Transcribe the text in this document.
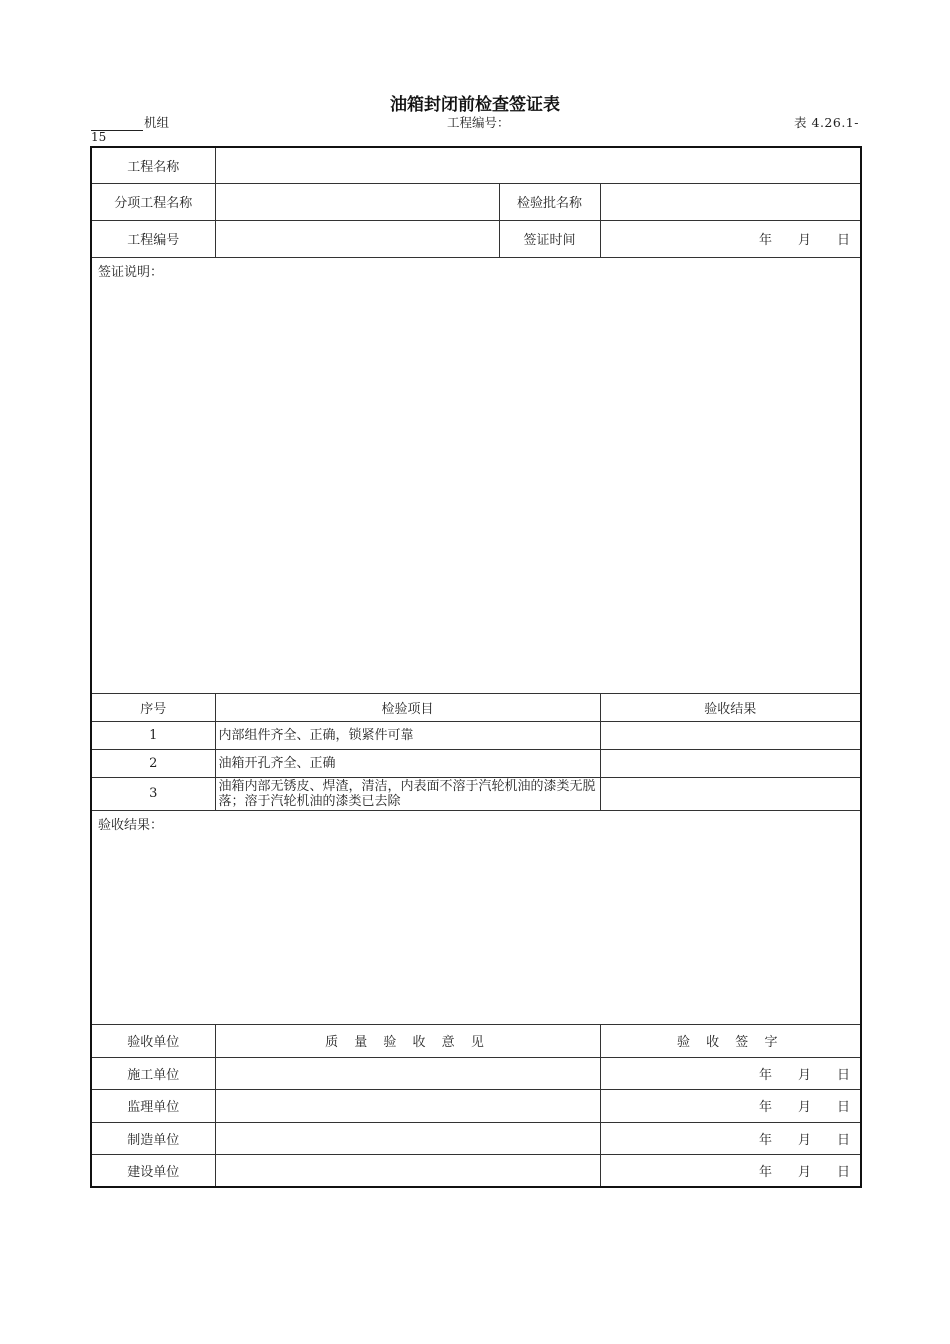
油箱封闭前检查签证表
机组	工程编号：	表 4.26.1-
15
工程名称			
分项工程名称		检验批名称	
工程编号		签证时间	年 月 日
签证说明：			
序号	检验项目		验收结果
1	内部组件齐全、正确，锁紧件可靠		
2	油箱开孔齐全、正确		
3	油箱内部无锈皮、焊渣，清洁，内表面不溶于汽轮机油的漆类无脱落；溶于汽轮机油的漆类已去除		
验收结果：			
验收单位	质 量 验 收 意 见		验 收 签 字
施工单位			年 月 日
监理单位			年 月 日
制造单位			年 月 日
建设单位			年 月 日
